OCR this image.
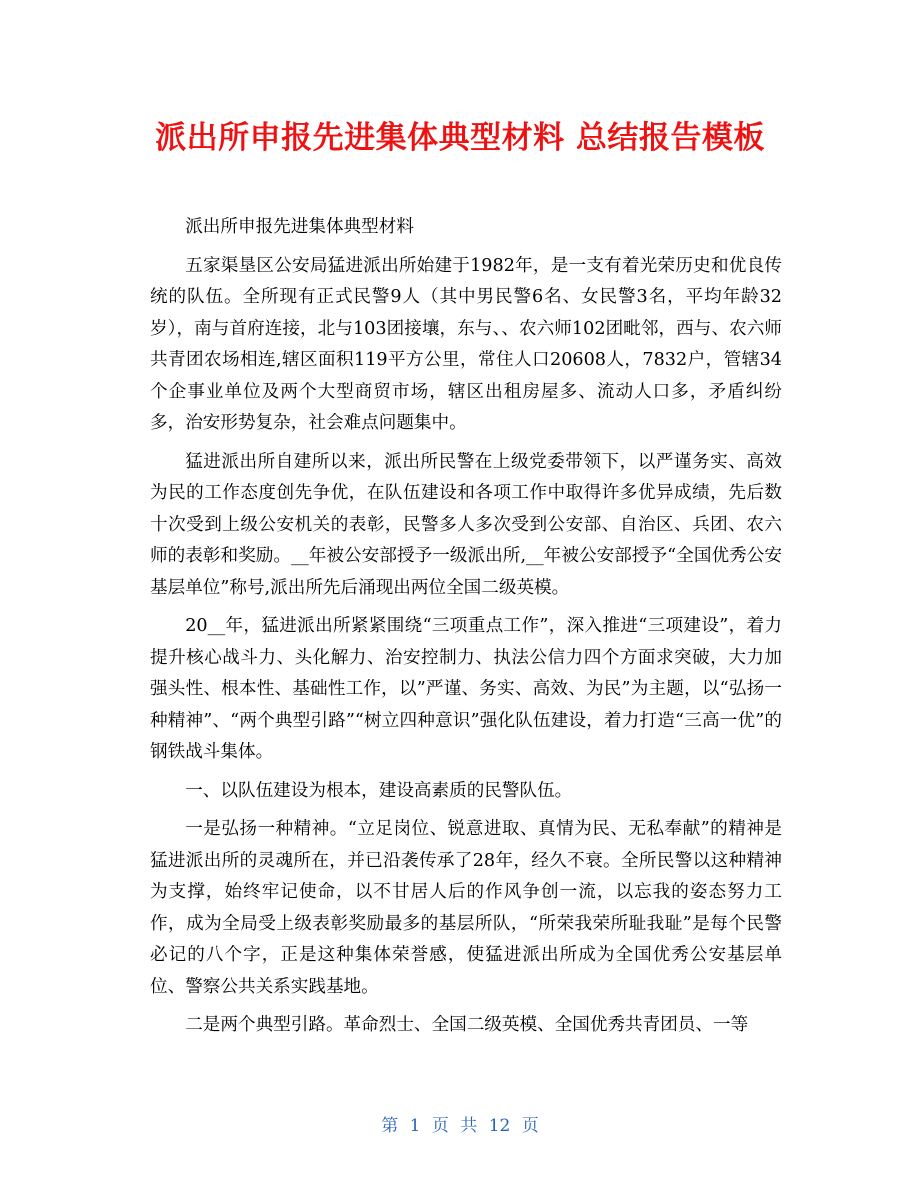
派出所申报先进集体典型材料 总结报告模板

派出所申报先进集体典型材料

五家渠垦区公安局猛进派出所始建于1982年，是一支有着光荣历史和优良传统的队伍。全所现有正式民警9人（其中男民警6名、女民警3名，平均年龄32岁），南与首府连接，北与103团接壤，东与、、农六师102团毗邻，西与、农六师共青团农场相连,辖区面积119平方公里，常住人口20608人，7832户，管辖34个企事业单位及两个大型商贸市场，辖区出租房屋多、流动人口多，矛盾纠纷多，治安形势复杂，社会难点问题集中。

猛进派出所自建所以来，派出所民警在上级党委带领下，以严谨务实、高效为民的工作态度创先争优，在队伍建设和各项工作中取得许多优异成绩，先后数十次受到上级公安机关的表彰，民警多人多次受到公安部、自治区、兵团、农六师的表彰和奖励。__年被公安部授予一级派出所,__年被公安部授予“全国优秀公安基层单位”称号,派出所先后涌现出两位全国二级英模。

20__年，猛进派出所紧紧围绕“三项重点工作”，深入推进“三项建设”，着力提升核心战斗力、头化解力、治安控制力、执法公信力四个方面求突破，大力加强头性、根本性、基础性工作，以”严谨、务实、高效、为民”为主题，以“弘扬一种精神”、“两个典型引路”“树立四种意识”强化队伍建设，着力打造“三高一优”的钢铁战斗集体。

一、以队伍建设为根本，建设高素质的民警队伍。

一是弘扬一种精神。“立足岗位、锐意进取、真情为民、无私奉献”的精神是猛进派出所的灵魂所在，并已沿袭传承了28年，经久不衰。全所民警以这种精神为支撑，始终牢记使命，以不甘居人后的作风争创一流，以忘我的姿态努力工作，成为全局受上级表彰奖励最多的基层所队，“所荣我荣所耻我耻”是每个民警必记的八个字，正是这种集体荣誉感，使猛进派出所成为全国优秀公安基层单位、警察公共关系实践基地。

二是两个典型引路。革命烈士、全国二级英模、全国优秀共青团员、一等

第 1 页 共 12 页
